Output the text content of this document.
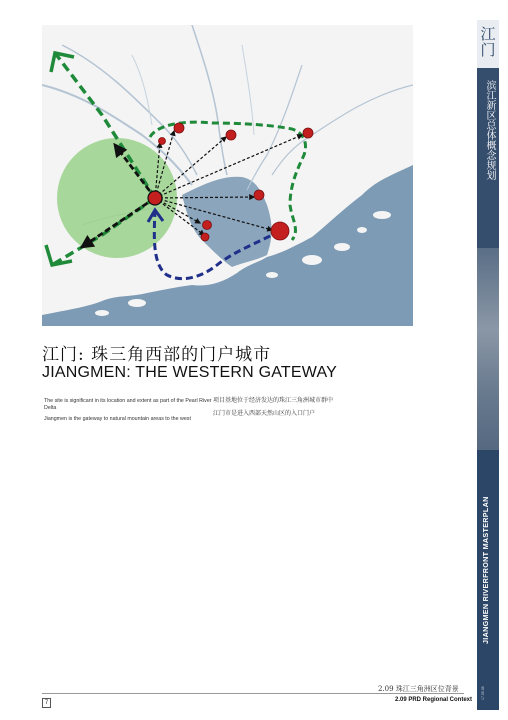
江门: 珠三角西部的门户城市
JIANGMEN: THE WESTERN GATEWAY

The site is significant in its location and extent as part of the Pearl River Delta

Jiangmen is the gateway to natural mountain areas to the west

项目基地位于经济发达的珠江三角洲城市群中

江门市是进入西部天然山区的入口门户

2.09 珠江三角洲区位背景
2.09 PRD Regional Context
7
江门
滨江新区总体概念规划
JIANGMEN RIVERFRONT MASTERPLAN
17.05.08
